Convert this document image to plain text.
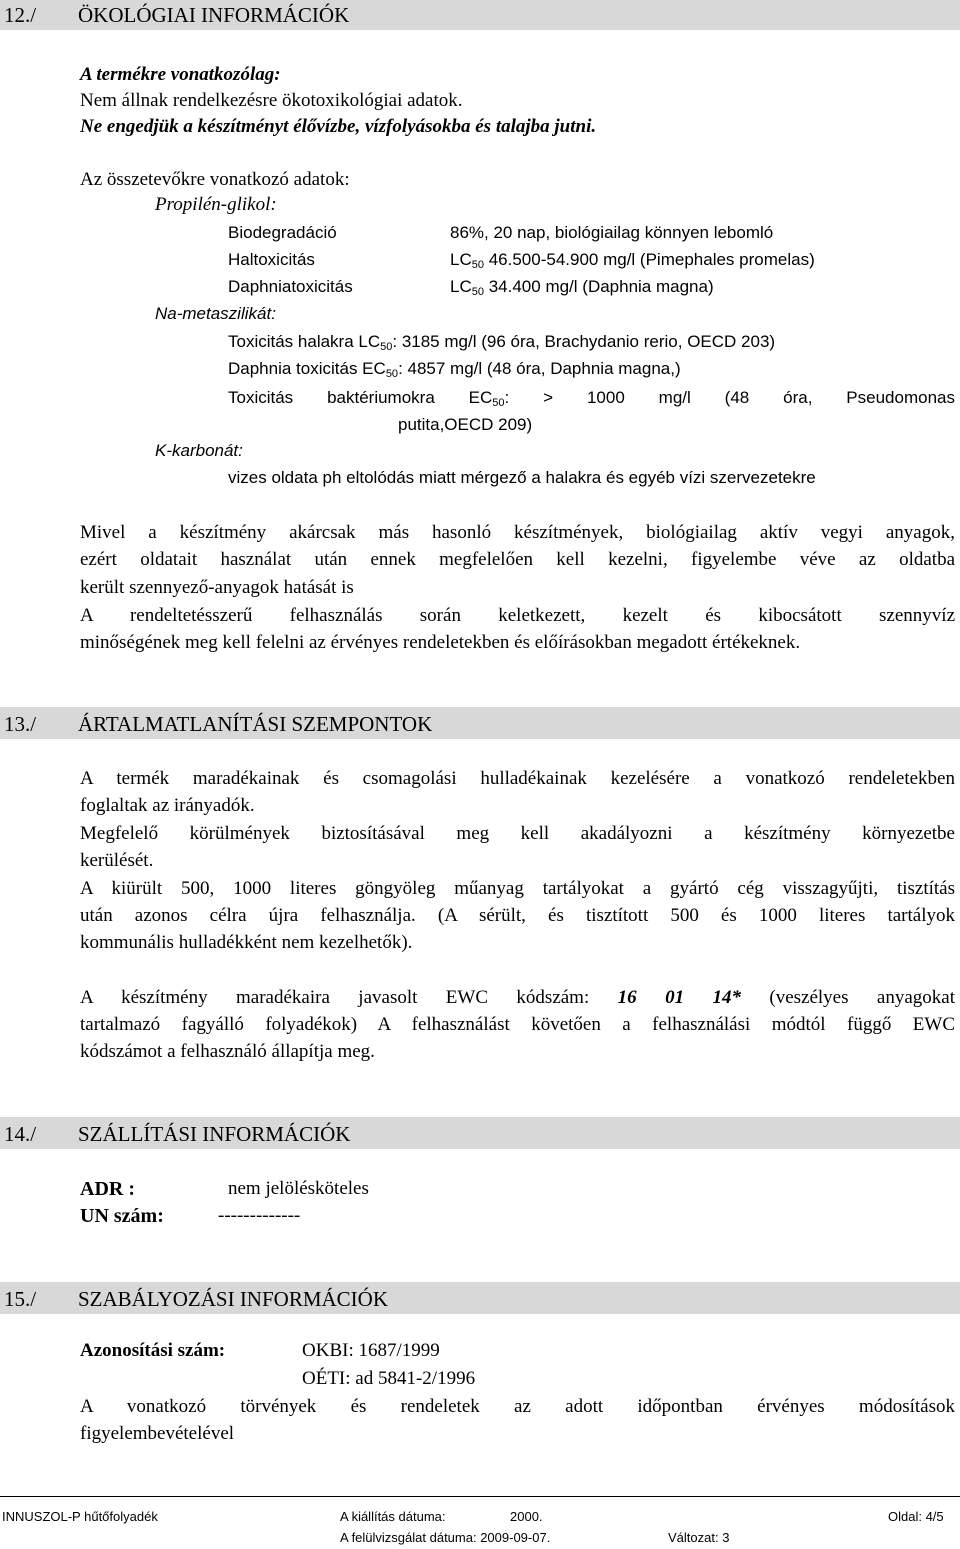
12./ ÖKOLÓGIAI INFORMÁCIÓK
A termékre vonatkozólag:
Nem állnak rendelkezésre ökotoxikológiai adatok.
Ne engedjük a készítményt élővízbe, vízfolyásokba és talajba jutni.
Az összetevőkre vonatkozó adatok:
Propilén-glikol:
Biodegradáció	86%, 20 nap, biológiailag könnyen lebomló
Haltoxicitás	$LC_{50}$ 46.500-54.900 mg/l (Pimephales promelas)
Daphniatoxicitás	$LC_{50}$ 34.400 mg/l (Daphnia magna)
Na-metaszilikát:
Toxicitás halakra $LC_{50}$: 3185 mg/l (96 óra, Brachydanio rerio, OECD 203)
Daphnia toxicitás $EC_{50}$: 4857 mg/l (48 óra, Daphnia magna,)
Toxicitás baktériumokra $EC_{50}$: > 1000 mg/l (48 óra, Pseudomonas
putita,OECD 209)
K-karbonát:
vizes oldata ph eltolódás miatt mérgező a halakra és egyéb vízi szervezetekre
Mivel a készítmény akárcsak más hasonló készítmények, biológiailag aktív vegyi anyagok,
ezért oldatait használat után ennek megfelelően kell kezelni, figyelembe véve az oldatba
került szennyező-anyagok hatását is
A rendeltetésszerű felhasználás során keletkezett, kezelt és kibocsátott szennyvíz
minőségének meg kell felelni az érvényes rendeletekben és előírásokban megadott értékeknek.
13./ ÁRTALMATLANÍTÁSI SZEMPONTOK
A termék maradékainak és csomagolási hulladékainak kezelésére a vonatkozó rendeletekben
foglaltak az irányadók.
Megfelelő körülmények biztosításával meg kell akadályozni a készítmény környezetbe
kerülését.
A kiürült 500, 1000 literes göngyöleg műanyag tartályokat a gyártó cég visszagyűjti, tisztítás
után azonos célra újra felhasználja. (A sérült, és tisztított 500 és 1000 literes tartályok
kommunális hulladékként nem kezelhetők).
A készítmény maradékaira javasolt EWC kódszám: 16 01 14* (veszélyes anyagokat
tartalmazó fagyálló folyadékok) A felhasználást követően a felhasználási módtól függő EWC
kódszámot a felhasználó állapítja meg.
14./ SZÁLLÍTÁSI INFORMÁCIÓK
ADR :	nem jelölésköteles
UN szám:	-------------
15./ SZABÁLYOZÁSI INFORMÁCIÓK
Azonosítási szám:	OKBI: 1687/1999
OÉTI: ad 5841-2/1996
A vonatkozó törvények és rendeletek az adott időpontban érvényes módosítások
figyelembevételével
INNUSZOL-P hűtőfolyadék	A kiállítás dátuma:	2000.	Oldal: 4/5
A felülvizsgálat dátuma: 2009-09-07.	Változat: 3
